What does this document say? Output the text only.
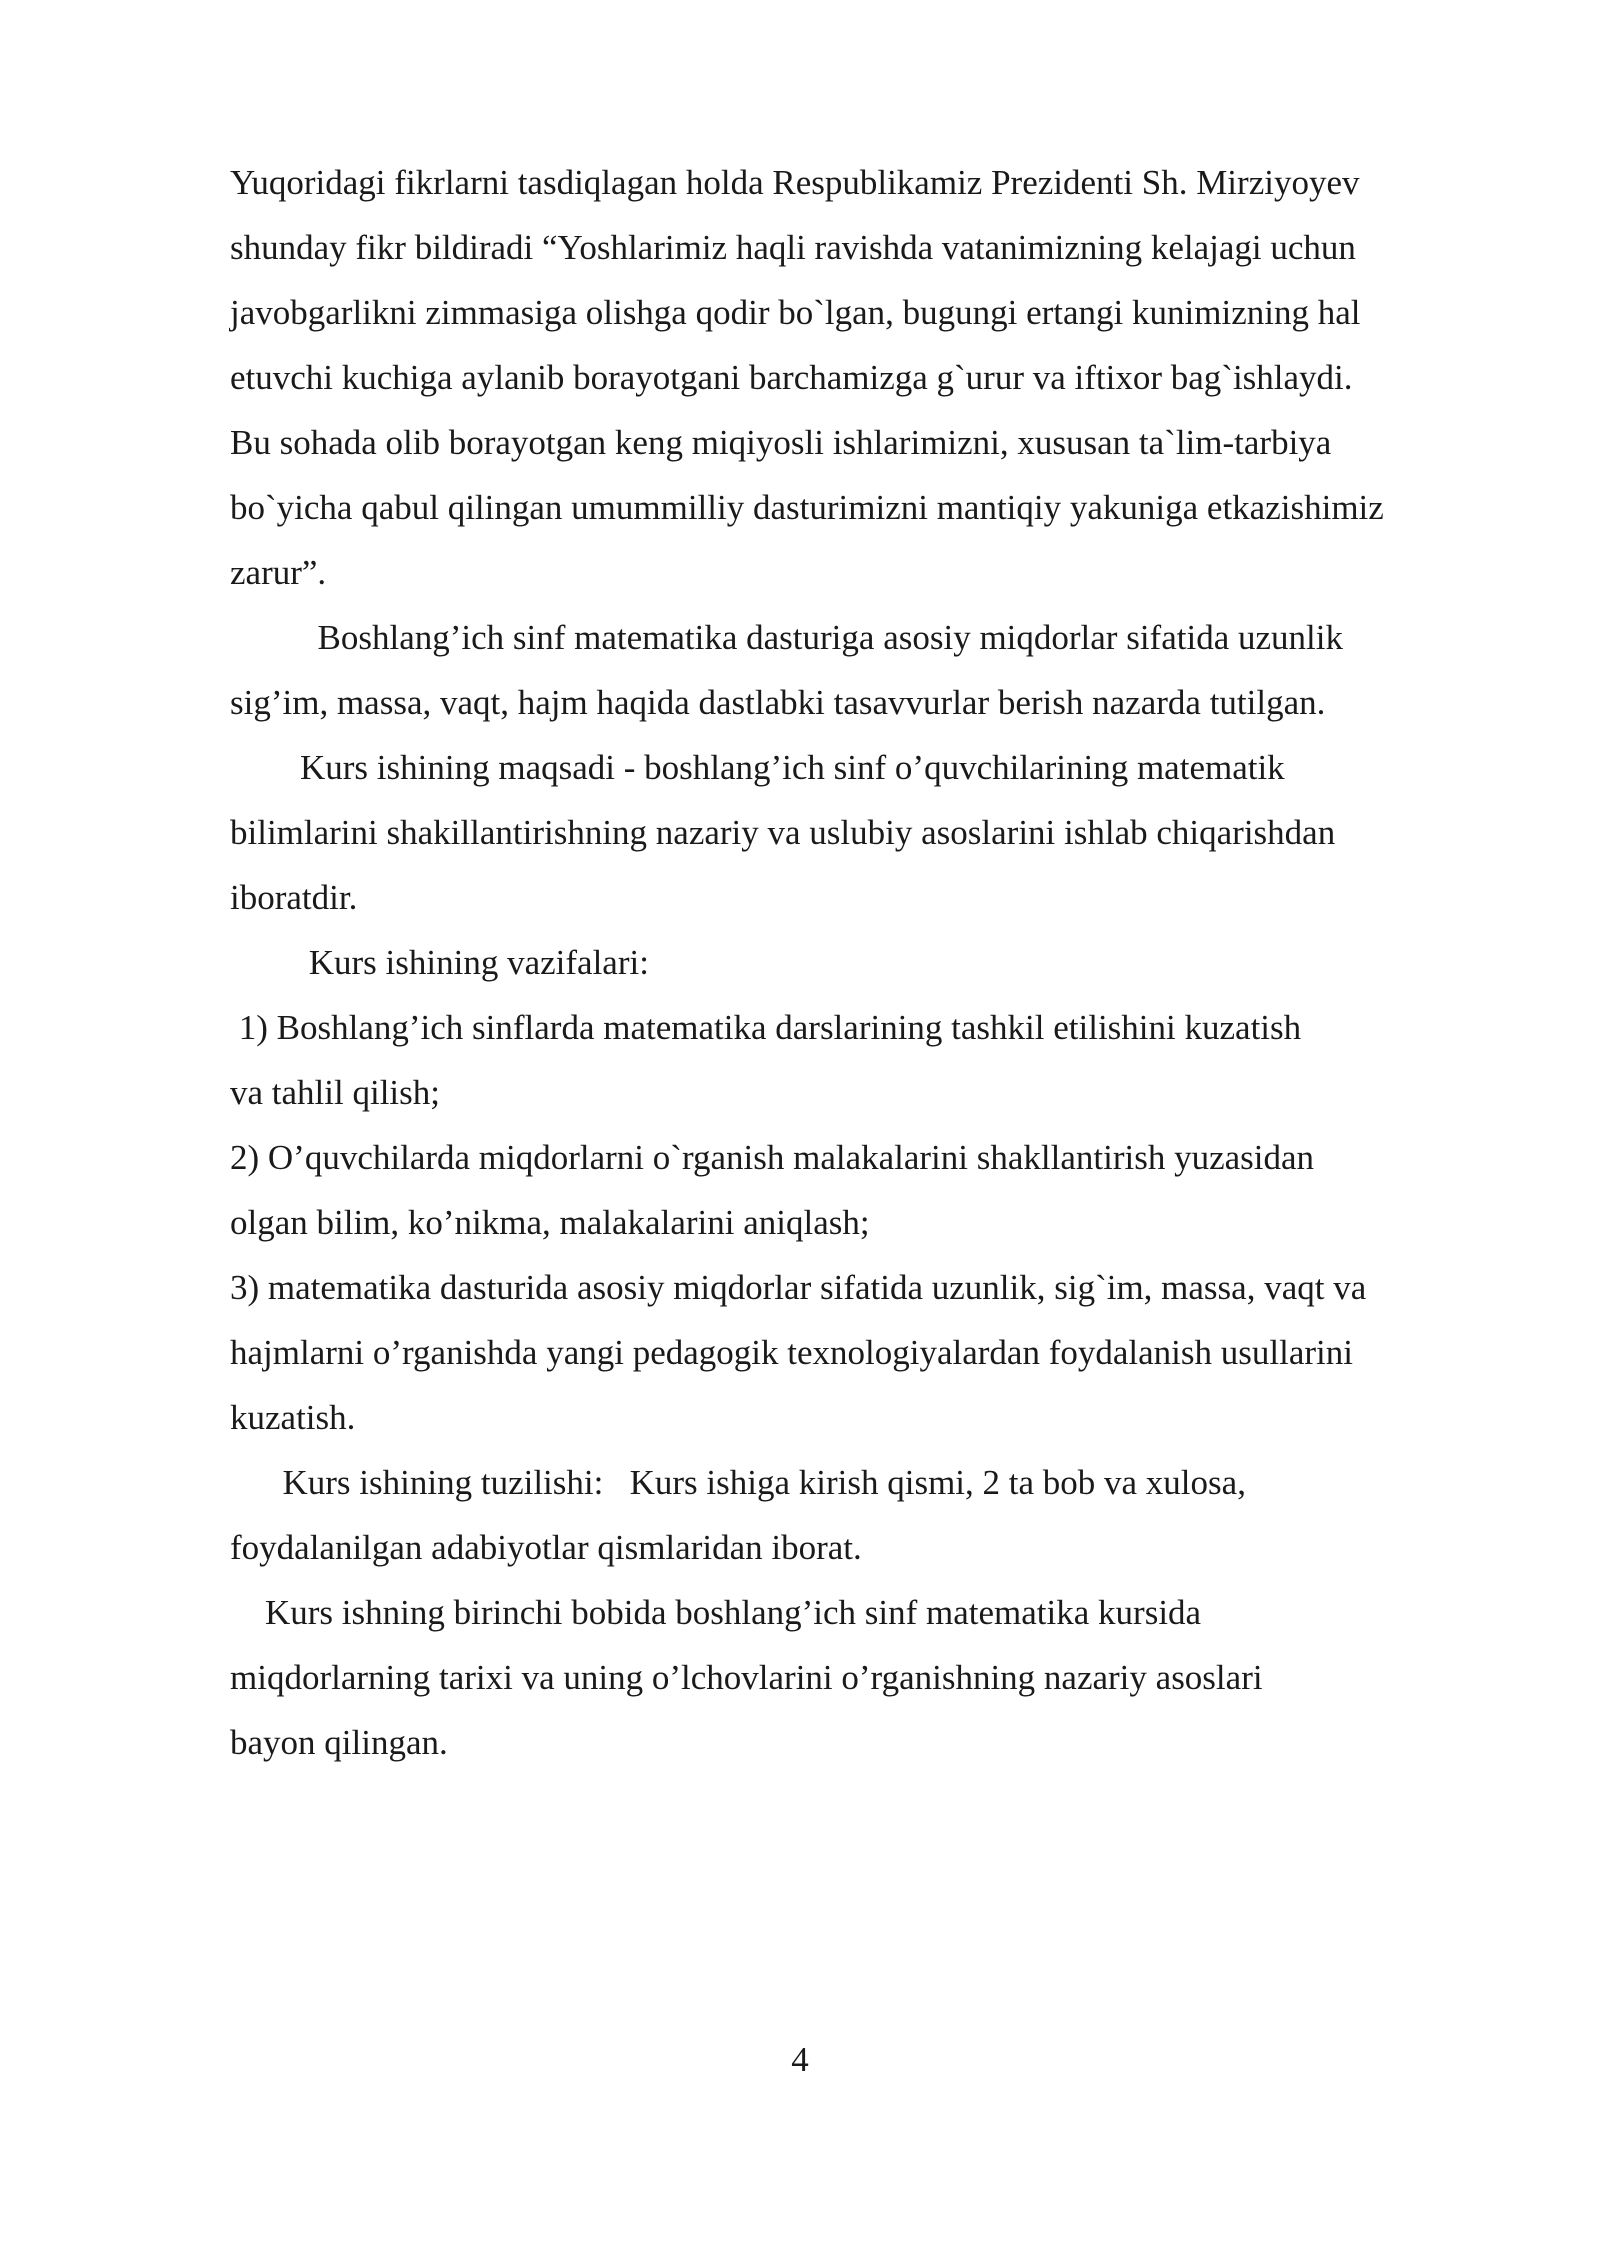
Yuqoridagi fikrlarni tasdiqlagan holda Respublikamiz Prezidenti Sh. Mirziyoyev
shunday fikr bildiradi “Yoshlarimiz haqli ravishda vatanimizning kelajagi uchun
javobgarlikni zimmasiga olishga qodir bo`lgan, bugungi ertangi kunimizning hal
etuvchi kuchiga aylanib borayotgani barchamizga g`urur va iftixor bag`ishlaydi.
Bu sohada olib borayotgan keng miqiyosli ishlarimizni, xususan ta`lim-tarbiya
bo`yicha qabul qilingan umummilliy dasturimizni mantiqiy yakuniga etkazishimiz
zarur”.
Boshlang’ich sinf matematika dasturiga asosiy miqdorlar sifatida uzunlik
sig’im, massa, vaqt, hajm haqida dastlabki tasavvurlar berish nazarda tutilgan.
Kurs ishining maqsadi - boshlang’ich sinf o’quvchilarining matematik
bilimlarini shakillantirishning nazariy va uslubiy asoslarini ishlab chiqarishdan
iboratdir.
Kurs ishining vazifalari:
1) Boshlang’ich sinflarda matematika darslarining tashkil etilishini kuzatish
va tahlil qilish;
2) O’quvchilarda miqdorlarni o`rganish malakalarini shakllantirish yuzasidan
olgan bilim, ko’nikma, malakalarini aniqlash;
3) matematika dasturida asosiy miqdorlar sifatida uzunlik, sig`im, massa, vaqt va
hajmlarni o’rganishda yangi pedagogik texnologiyalardan foydalanish usullarini
kuzatish.
Kurs ishining tuzilishi:   Kurs ishiga kirish qismi, 2 ta bob va xulosa,
foydalanilgan adabiyotlar qismlaridan iborat.
Kurs ishning birinchi bobida boshlang’ich sinf matematika kursida
miqdorlarning tarixi va uning o’lchovlarini o’rganishning nazariy asoslari
bayon qilingan.
4
